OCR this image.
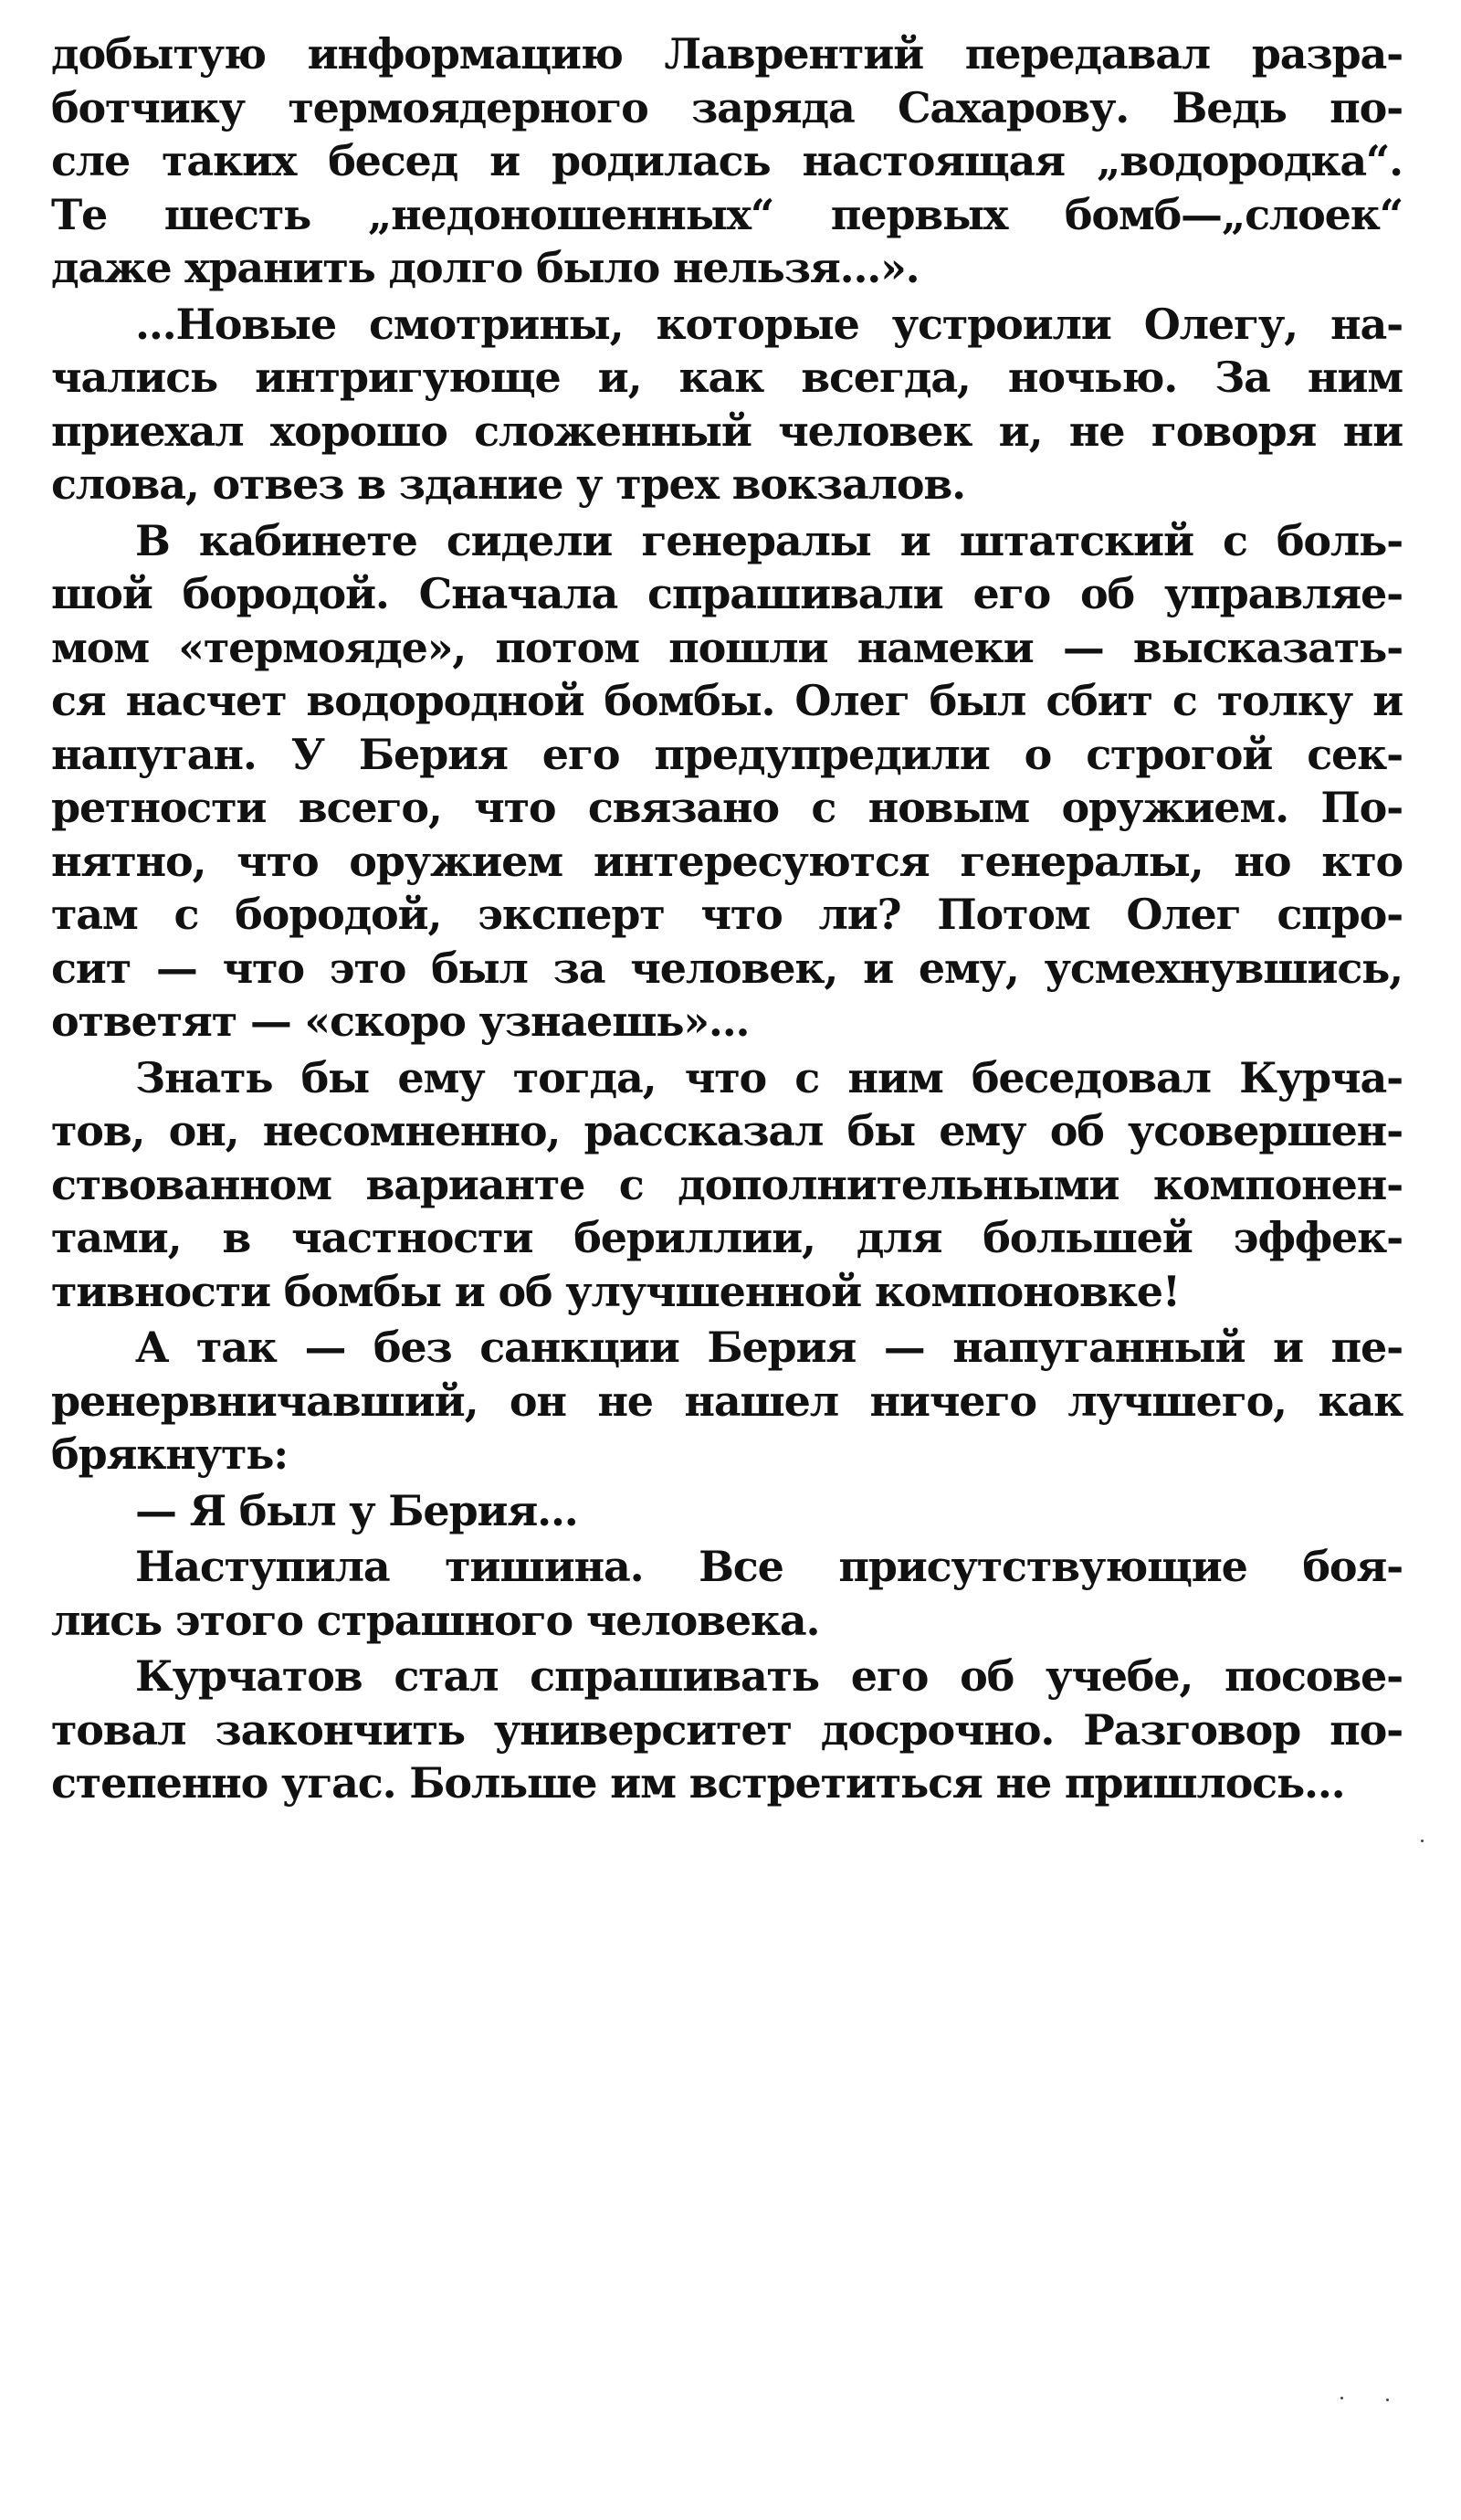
добытую информацию Лаврентий передавал разра-
ботчику термоядерного заряда Сахарову. Ведь по-
сле таких бесед и родилась настоящая „водородка“.
Те шесть „недоношенных“ первых бомб—„слоек“
даже хранить долго было нельзя...».
...Новые смотрины, которые устроили Олегу, на-
чались интригующе и, как всегда, ночью. За ним
приехал хорошо сложенный человек и, не говоря ни
слова, отвез в здание у трех вокзалов.
В кабинете сидели генералы и штатский с боль-
шой бородой. Сначала спрашивали его об управляе-
мом «термояде», потом пошли намеки — высказать-
ся насчет водородной бомбы. Олег был сбит с толку и
напуган. У Берия его предупредили о строгой сек-
ретности всего, что связано с новым оружием. По-
нятно, что оружием интересуются генералы, но кто
там с бородой, эксперт что ли? Потом Олег спро-
сит — что это был за человек, и ему, усмехнувшись,
ответят — «скоро узнаешь»...
Знать бы ему тогда, что с ним беседовал Курча-
тов, он, несомненно, рассказал бы ему об усовершен-
ствованном варианте с дополнительными компонен-
тами, в частности бериллии, для большей эффек-
тивности бомбы и об улучшенной компоновке!
А так — без санкции Берия — напуганный и пе-
ренервничавший, он не нашел ничего лучшего, как
брякнуть:
— Я был у Берия...
Наступила тишина. Все присутствующие боя-
лись этого страшного человека.
Курчатов стал спрашивать его об учебе, посове-
товал закончить университет досрочно. Разговор по-
степенно угас. Больше им встретиться не пришлось...
